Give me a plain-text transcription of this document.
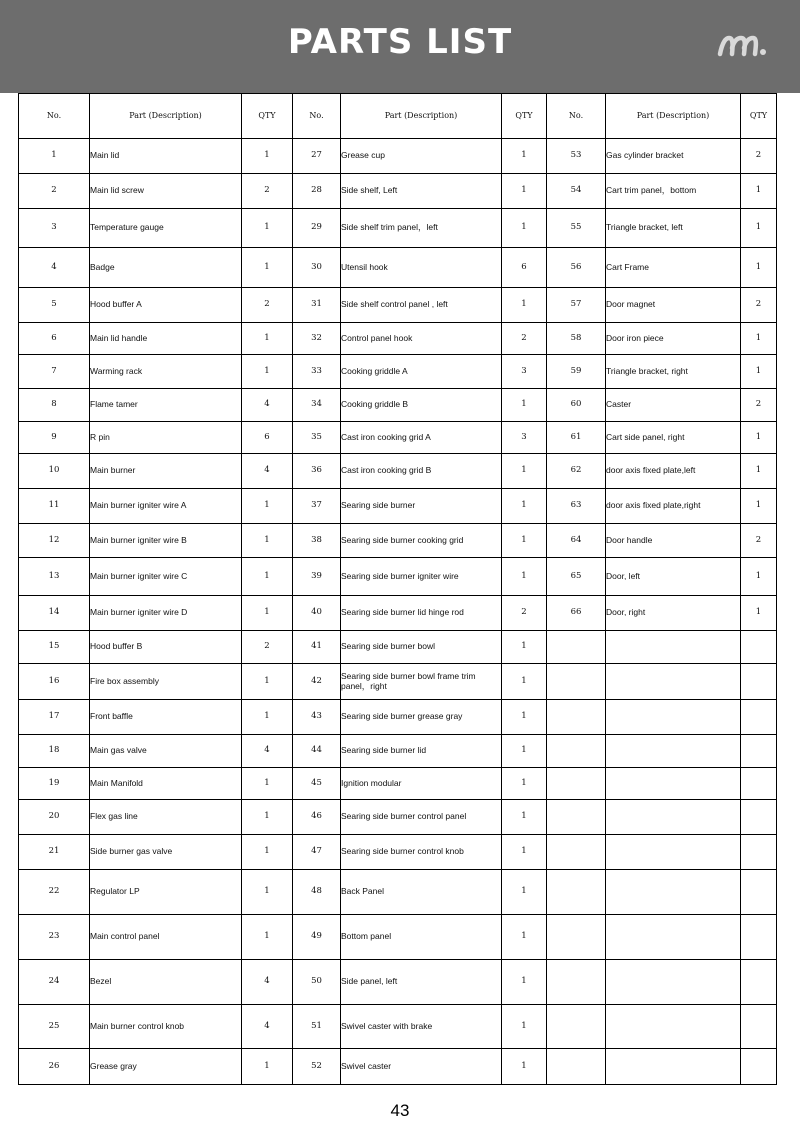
PARTS LIST
No.	Part (Description)	QTY	No.	Part (Description)	QTY	No.	Part (Description)	QTY
1	Main lid	1	27	Grease cup	1	53	Gas cylinder bracket	2
2	Main lid screw	2	28	Side shelf, Left	1	54	Cart trim panel，bottom	1
3	Temperature gauge	1	29	Side shelf trim panel，left	1	55	Triangle bracket, left	1
4	Badge	1	30	Utensil hook	6	56	Cart Frame	1
5	Hood buffer A	2	31	Side shelf control panel , left	1	57	Door magnet	2
6	Main lid handle	1	32	Control panel hook	2	58	Door iron piece	1
7	Warming rack	1	33	Cooking griddle A	3	59	Triangle bracket, right	1
8	Flame tamer	4	34	Cooking griddle B	1	60	Caster	2
9	R pin	6	35	Cast iron cooking grid A	3	61	Cart side panel, right	1
10	Main burner	4	36	Cast iron cooking grid B	1	62	door axis fixed plate,left	1
11	Main burner igniter wire A	1	37	Searing side burner	1	63	door axis fixed plate,right	1
12	Main burner igniter wire B	1	38	Searing side burner cooking grid	1	64	Door handle	2
13	Main burner igniter wire C	1	39	Searing side burner igniter wire	1	65	Door, left	1
14	Main burner igniter wire D	1	40	Searing side burner lid hinge rod	2	66	Door, right	1
15	Hood buffer B	2	41	Searing side burner bowl	1			
16	Fire box assembly	1	42	Searing side burner bowl frame trim panel，right	1			
17	Front baffle	1	43	Searing side burner grease gray	1			
18	Main gas valve	4	44	Searing side burner lid	1			
19	Main Manifold	1	45	Ignition modular	1			
20	Flex gas line	1	46	Searing side burner control panel	1			
21	Side burner gas valve	1	47	Searing side burner control knob	1			
22	Regulator LP	1	48	Back Panel	1			
23	Main control panel	1	49	Bottom panel	1			
24	Bezel	4	50	Side panel, left	1			
25	Main burner control knob	4	51	Swivel caster with brake	1			
26	Grease gray	1	52	Swivel caster	1			
43
